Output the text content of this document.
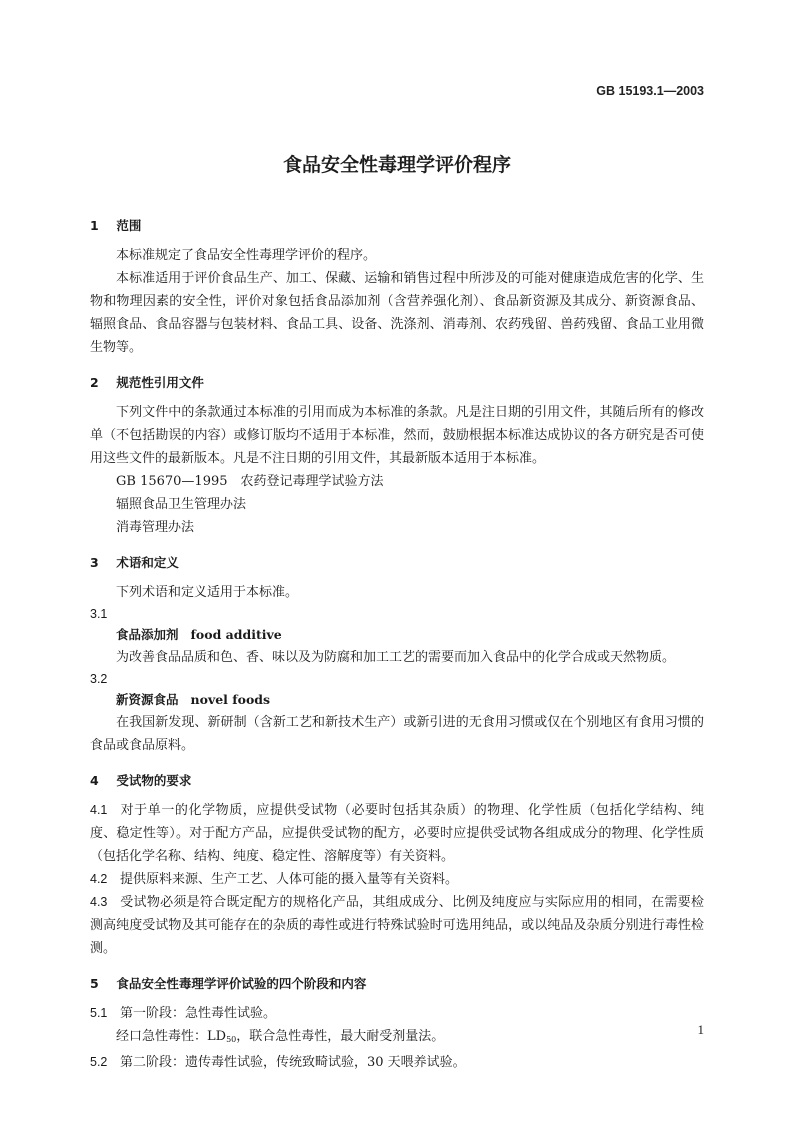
GB 15193.1—2003
食品安全性毒理学评价程序
1 范围
本标准规定了食品安全性毒理学评价的程序。
本标准适用于评价食品生产、加工、保藏、运输和销售过程中所涉及的可能对健康造成危害的化学、生物和物理因素的安全性，评价对象包括食品添加剂（含营养强化剂）、食品新资源及其成分、新资源食品、辐照食品、食品容器与包装材料、食品工具、设备、洗涤剂、消毒剂、农药残留、兽药残留、食品工业用微生物等。
2 规范性引用文件
下列文件中的条款通过本标准的引用而成为本标准的条款。凡是注日期的引用文件，其随后所有的修改单（不包括勘误的内容）或修订版均不适用于本标准，然而，鼓励根据本标准达成协议的各方研究是否可使用这些文件的最新版本。凡是不注日期的引用文件，其最新版本适用于本标准。
GB 15670—1995　农药登记毒理学试验方法
辐照食品卫生管理办法
消毒管理办法
3 术语和定义
下列术语和定义适用于本标准。
3.1
食品添加剂 food additive
为改善食品品质和色、香、味以及为防腐和加工工艺的需要而加入食品中的化学合成或天然物质。
3.2
新资源食品 novel foods
在我国新发现、新研制（含新工艺和新技术生产）或新引进的无食用习惯或仅在个别地区有食用习惯的食品或食品原料。
4 受试物的要求
4.1 对于单一的化学物质，应提供受试物（必要时包括其杂质）的物理、化学性质（包括化学结构、纯度、稳定性等）。对于配方产品，应提供受试物的配方，必要时应提供受试物各组成成分的物理、化学性质（包括化学名称、结构、纯度、稳定性、溶解度等）有关资料。
4.2 提供原料来源、生产工艺、人体可能的摄入量等有关资料。
4.3 受试物必须是符合既定配方的规格化产品，其组成成分、比例及纯度应与实际应用的相同，在需要检测高纯度受试物及其可能存在的杂质的毒性或进行特殊试验时可选用纯品，或以纯品及杂质分别进行毒性检测。
5 食品安全性毒理学评价试验的四个阶段和内容
5.1 第一阶段：急性毒性试验。
经口急性毒性：$LD_{50}$，联合急性毒性，最大耐受剂量法。
5.2 第二阶段：遗传毒性试验，传统致畸试验，30 天喂养试验。
1
